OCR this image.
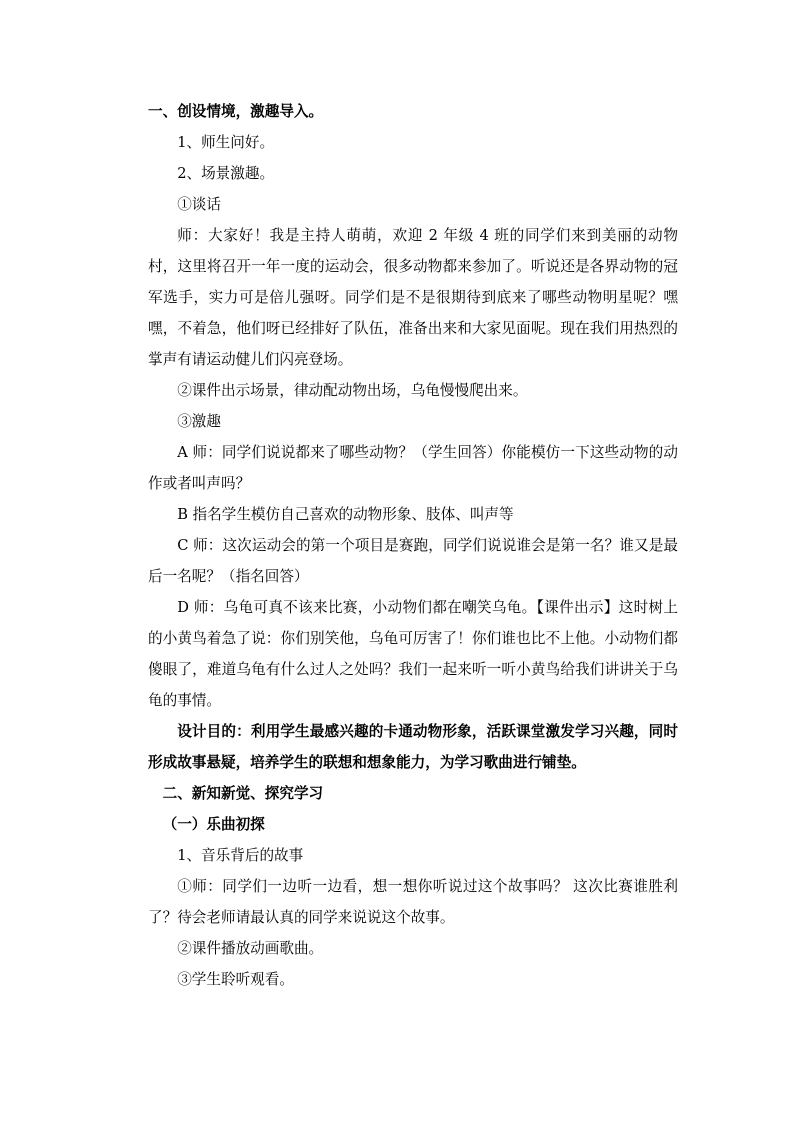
一、创设情境，激趣导入。

1、师生问好。

2、场景激趣。

①谈话

师：大家好！我是主持人萌萌，欢迎 2 年级 4 班的同学们来到美丽的动物村，这里将召开一年一度的运动会，很多动物都来参加了。听说还是各界动物的冠军选手，实力可是倍儿强呀。同学们是不是很期待到底来了哪些动物明星呢？嘿嘿，不着急，他们呀已经排好了队伍，准备出来和大家见面呢。现在我们用热烈的掌声有请运动健儿们闪亮登场。

②课件出示场景，律动配动物出场，乌龟慢慢爬出来。

③激趣

A 师：同学们说说都来了哪些动物？（学生回答）你能模仿一下这些动物的动作或者叫声吗？

B 指名学生模仿自己喜欢的动物形象、肢体、叫声等

C 师：这次运动会的第一个项目是赛跑，同学们说说谁会是第一名？谁又是最后一名呢？（指名回答）

D 师：乌龟可真不该来比赛，小动物们都在嘲笑乌龟。【课件出示】这时树上的小黄鸟着急了说：你们别笑他，乌龟可厉害了！你们谁也比不上他。小动物们都傻眼了，难道乌龟有什么过人之处吗？我们一起来听一听小黄鸟给我们讲讲关于乌龟的事情。

设计目的：利用学生最感兴趣的卡通动物形象，活跃课堂激发学习兴趣，同时形成故事悬疑，培养学生的联想和想象能力，为学习歌曲进行铺垫。

二、新知新觉、探究学习

（一）乐曲初探

1、音乐背后的故事

①师：同学们一边听一边看，想一想你听说过这个故事吗？ 这次比赛谁胜利了？待会老师请最认真的同学来说说这个故事。

②课件播放动画歌曲。

③学生聆听观看。
